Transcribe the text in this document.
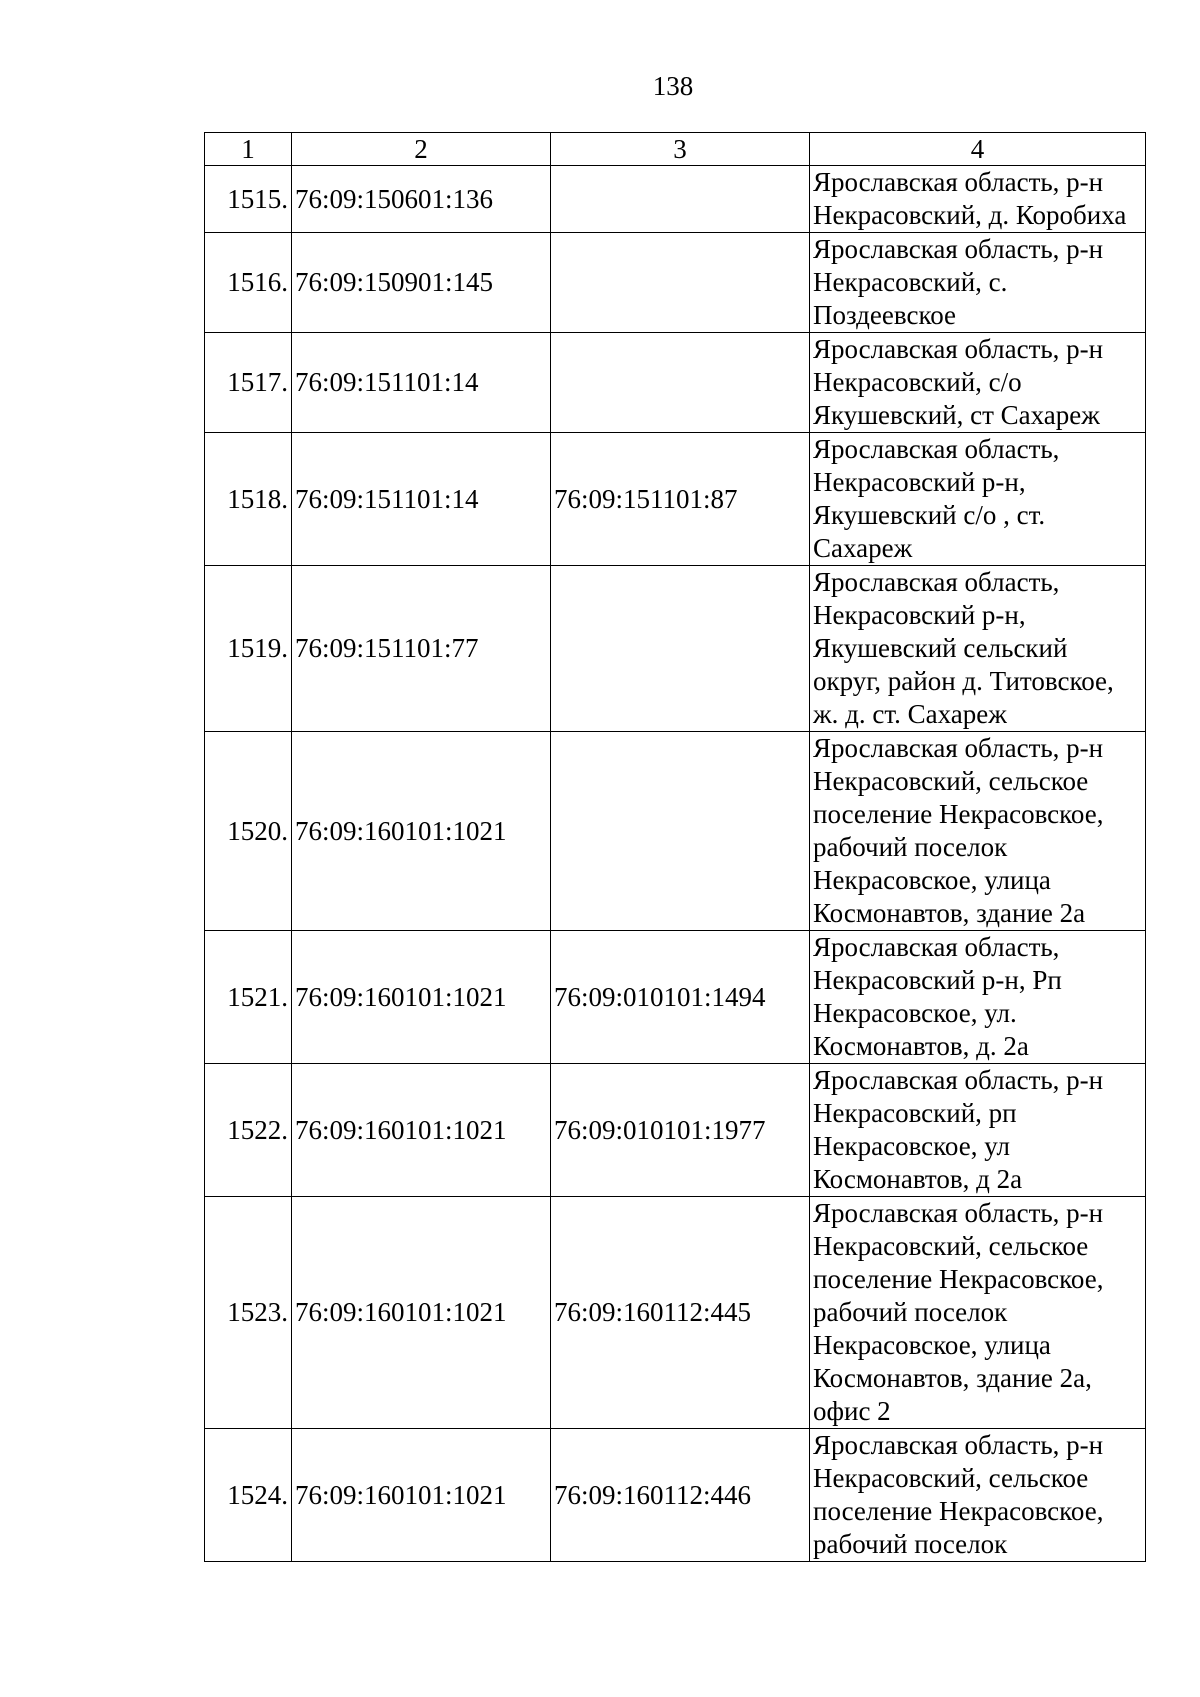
138
1	2	3	4
1515.	76:09:150601:136		Ярославская область, р-н Некрасовский, д. Коробиха
1516.	76:09:150901:145		Ярославская область, р-н Некрасовский, с. Поздеевское
1517.	76:09:151101:14		Ярославская область, р-н Некрасовский, с/о Якушевский, ст Сахареж
1518.	76:09:151101:14	76:09:151101:87	Ярославская область, Некрасовский р-н, Якушевский с/о , ст. Сахареж
1519.	76:09:151101:77		Ярославская область, Некрасовский р-н, Якушевский сельский округ, район д. Титовское, ж. д. ст. Сахареж
1520.	76:09:160101:1021		Ярославская область, р-н Некрасовский, сельское поселение Некрасовское, рабочий поселок Некрасовское, улица Космонавтов, здание 2а
1521.	76:09:160101:1021	76:09:010101:1494	Ярославская область, Некрасовский р-н, Рп Некрасовское, ул. Космонавтов, д. 2а
1522.	76:09:160101:1021	76:09:010101:1977	Ярославская область, р-н Некрасовский, рп Некрасовское, ул Космонавтов, д 2а
1523.	76:09:160101:1021	76:09:160112:445	Ярославская область, р-н Некрасовский, сельское поселение Некрасовское, рабочий поселок Некрасовское, улица Космонавтов, здание 2а, офис 2
1524.	76:09:160101:1021	76:09:160112:446	Ярославская область, р-н Некрасовский, сельское поселение Некрасовское, рабочий поселок
